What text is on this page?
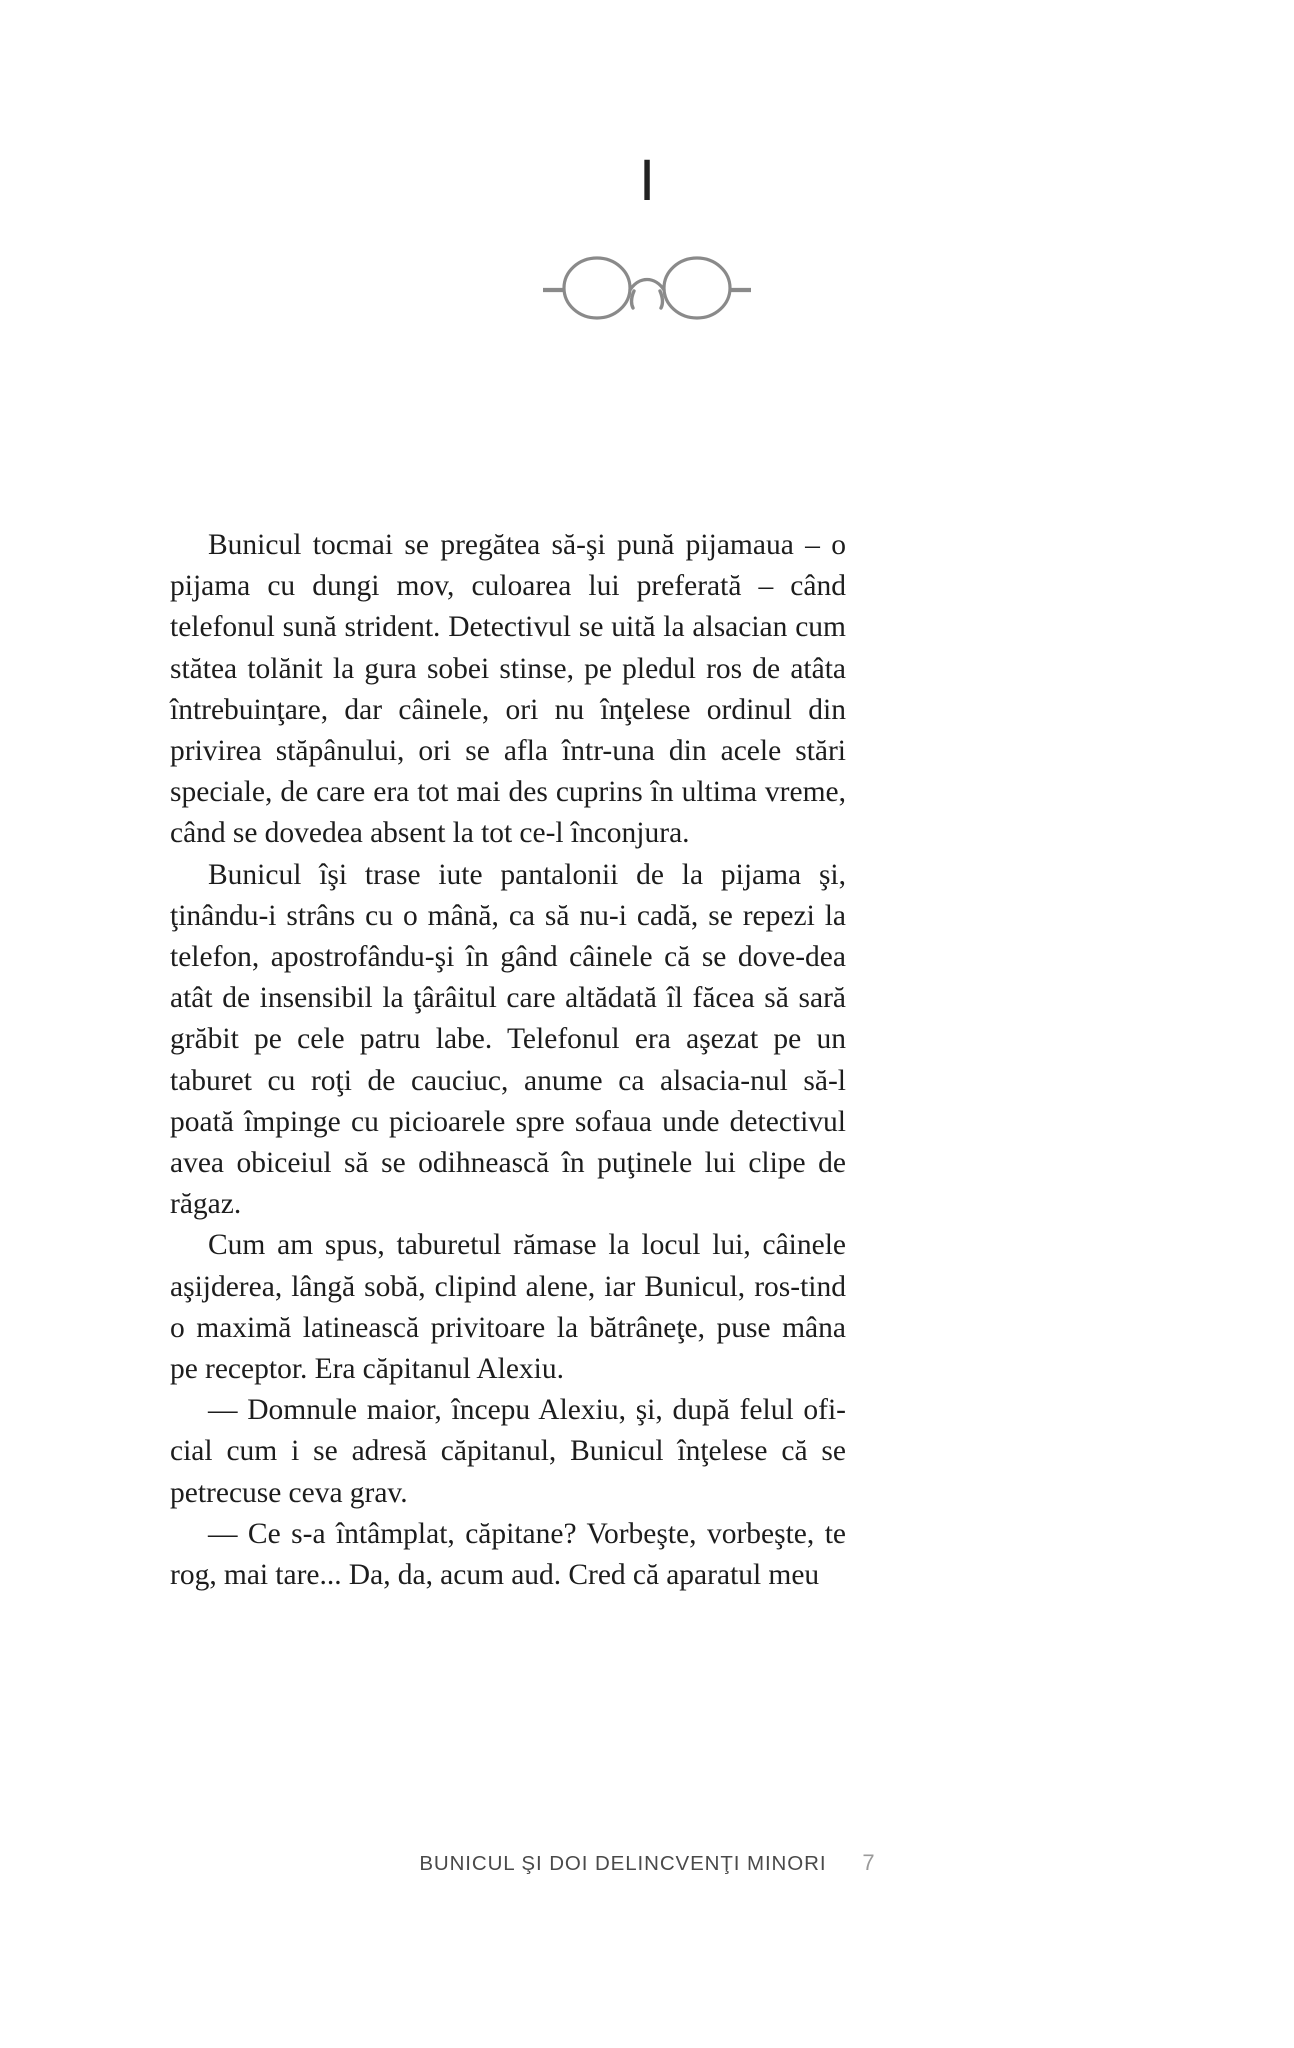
I

Bunicul tocmai se pregătea să-şi pună pijamaua – o pijama cu dungi mov, culoarea lui preferată – când telefonul sună strident. Detectivul se uită la alsacian cum stătea tolănit la gura sobei stinse, pe pledul ros de atâta întrebuinţare, dar câinele, ori nu înţelese ordinul din privirea stăpânului, ori se afla într-una din acele stări speciale, de care era tot mai des cuprins în ultima vreme, când se dovedea absent la tot ce-l înconjura.

Bunicul îşi trase iute pantalonii de la pijama şi, ţinându-i strâns cu o mână, ca să nu-i cadă, se repezi la telefon, apostrofându-şi în gând câinele că se dove-dea atât de insensibil la ţârâitul care altădată îl făcea să sară grăbit pe cele patru labe. Telefonul era aşezat pe un taburet cu roţi de cauciuc, anume ca alsacia-nul să-l poată împinge cu picioarele spre sofaua unde detectivul avea obiceiul să se odihnească în puţinele lui clipe de răgaz.

Cum am spus, taburetul rămase la locul lui, câinele aşijderea, lângă sobă, clipind alene, iar Bunicul, ros-tind o maximă latinească privitoare la bătrâneţe, puse mâna pe receptor. Era căpitanul Alexiu.

— Domnule maior, începu Alexiu, şi, după felul ofi-cial cum i se adresă căpitanul, Bunicul înţelese că se petrecuse ceva grav.

— Ce s-a întâmplat, căpitane? Vorbeşte, vorbeşte, te rog, mai tare... Da, da, acum aud. Cred că aparatul meu

BUNICUL ŞI DOI DELINCVENŢI MINORI 7
